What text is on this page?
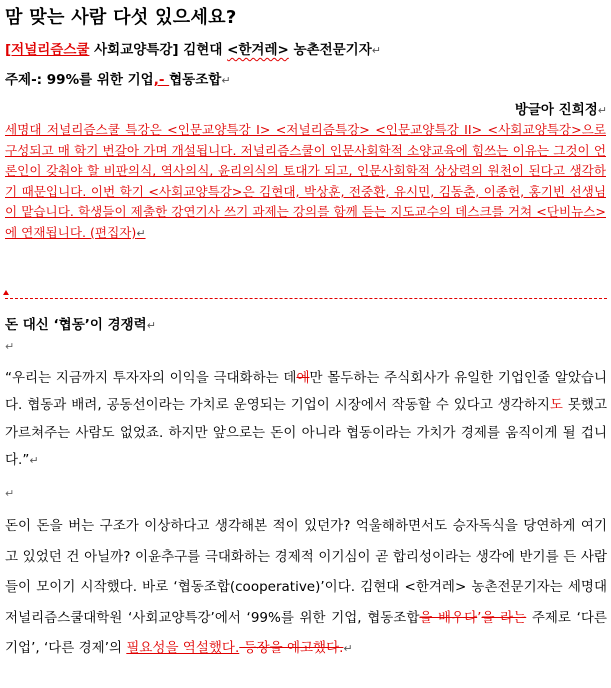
맘 맞는 사람 다섯 있으세요?
[저널리즘스쿨 사회교양특강] 김현대 <한겨레> 농촌전문기자↵
주제-: 99%를 위한 기업,- 협동조합↵
방글아 진희정↵
세명대 저널리즘스쿨 특강은 <인문교양특강 I> <저널리즘특강> <인문교양특강 II> <사회교양특강>으로 구성되고 매 학기 번갈아 가며 개설됩니다. 저널리즘스쿨이 인문사회학적 소양교육에 힘쓰는 이유는 그것이 언론인이 갖춰야 할 비판의식, 역사의식, 윤리의식의 토대가 되고, 인문사회학적 상상력의 원천이 된다고 생각하기 때문입니다. 이번 학기 <사회교양특강>은 김현대, 박상훈, 전중환, 유시민, 김동춘, 이종헌, 홍기빈 선생님이 맡습니다. 학생들이 제출한 강연기사 쓰기 과제는 강의를 함께 듣는 지도교수의 데스크를 거쳐 <단비뉴스>에 연재됩니다. (편집자)↵
돈 대신 ‘협동’이 경쟁력↵
↵
“우리는 지금까지 투자자의 이익을 극대화하는 데에만 몰두하는 주식회사가 유일한 기업인줄 알았습니다. 협동과 배려, 공동선이라는 가치로 운영되는 기업이 시장에서 작동할 수 있다고 생각하지도 못했고 가르쳐주는 사람도 없었죠. 하지만 앞으로는 돈이 아니라 협동이라는 가치가 경제를 움직이게 될 겁니다.”↵
↵
돈이 돈을 버는 구조가 이상하다고 생각해본 적이 있던가? 억울해하면서도 승자독식을 당연하게 여기고 있었던 건 아닐까? 이윤추구를 극대화하는 경제적 이기심이 곧 합리성이라는 생각에 반기를 든 사람들이 모이기 시작했다. 바로 ‘협동조합(cooperative)’이다. 김현대 <한겨레> 농촌전문기자는 세명대 저널리즘스쿨대학원 ‘사회교양특강’에서 ‘99%를 위한 기업, 협동조합을 배우다’을 라는 주제로 ‘다른 기업’, ‘다른 경제’의 필요성을 역설했다. 등장을 예고했다.↵
